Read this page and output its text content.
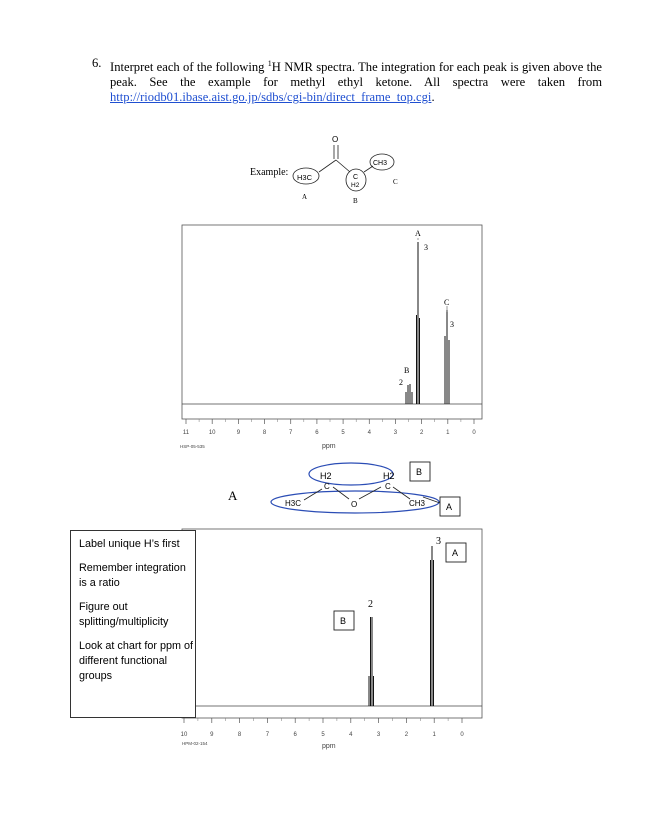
6. Interpret each of the following $^1$H NMR spectra. The integration for each peak is given above the peak. See the example for methyl ethyl ketone. All spectra were taken from http://riodb01.ibase.aist.go.jp/sdbs/cgi-bin/direct_frame_top.cgi.
Example: H3C
O
C
H2
CH3
A	B
C
A
3
B
2
C
3
11	10	9	8	7	6	5	4	3	2	1	0
ppm
HSP-05-535
A
H2
C
H2
C
H3C	O	CH3
B
A
2
3
B
A
10	9	8	7	6	5	4	3	2	1	0
ppm
HPM-02-154

Label unique H’s first

Remember integration is a ratio

Figure out splitting/multiplicity

Look at chart for ppm of different functional groups
